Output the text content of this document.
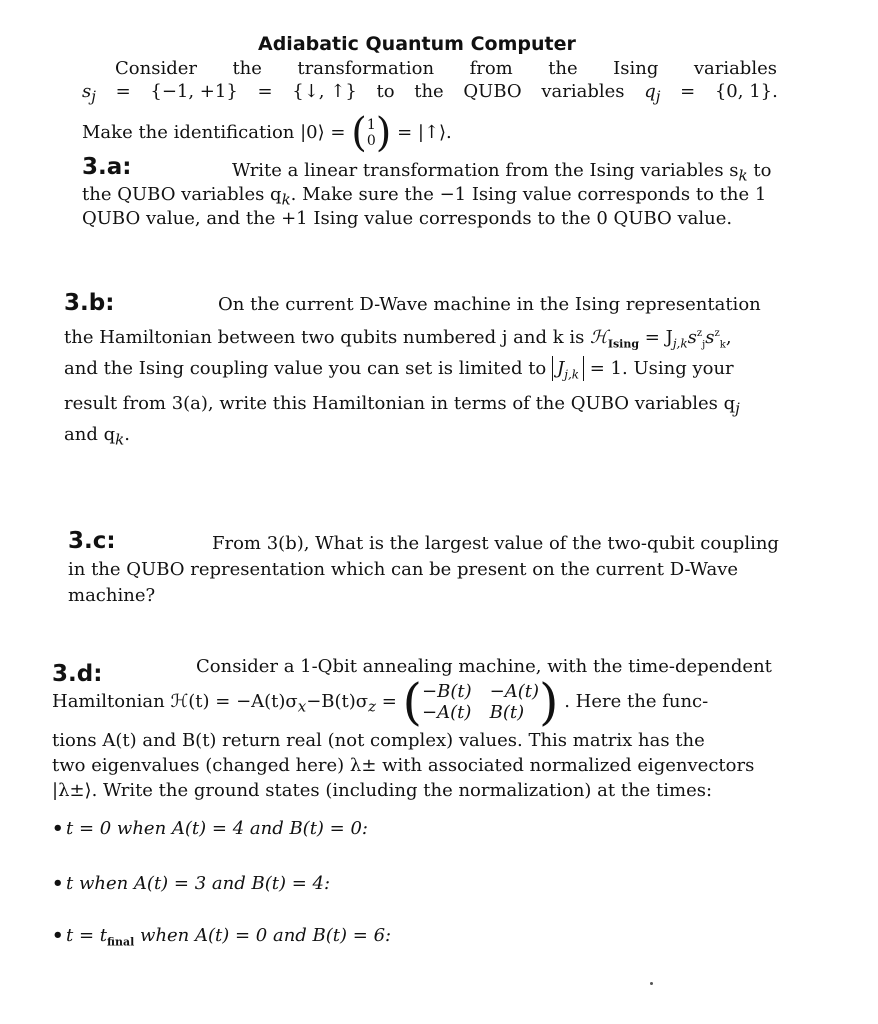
Adiabatic Quantum Computer
Consider the transformation from the Ising variables
$s_j = \{-1$, +1} = {↓, ↑} to the QUBO variables $q_j = \{0$, 1}.
Make the identification |0⟩ = ( 1
0 ) = |↑⟩.
3.a:	Write a linear transformation from the Ising variables $s_k$ to
the QUBO variables $q_k$. Make sure the −1 Ising value corresponds to the 1
QUBO value, and the +1 Ising value corresponds to the 0 QUBO value.
3.b:	On the current D-Wave machine in the Ising representation
the Hamiltonian between two qubits numbered j and k is ℋ$_{Ising}$ = $J_{j,k}s^z_js^z_k$,
and the Ising coupling value you can set is limited to $J_{j,k} = 1$. Using your
result from 3(a), write this Hamiltonian in terms of the QUBO variables $q_j$
and $q_k$.
3.c:	From 3(b), What is the largest value of the two-qubit coupling
in the QUBO representation which can be present on the current D-Wave
machine?
3.d:	Consider a 1-Qbit annealing machine, with the time-dependent
Hamiltonian ℋ(t) = $-A(t)\sigma_x-B(t)\sigma_z$ = ( −B(t) −A(t)
−A(t) B(t) ) . Here the func-
tions A(t) and B(t) return real (not complex) values. This matrix has the
two eigenvalues (changed here) λ± with associated normalized eigenvectors
|λ±⟩. Write the ground states (including the normalization) at the times:
• t = 0 when A(t) = 4 and B(t) = 0:
• t when A(t) = 3 and B(t) = 4:
• $t = t_{final}$ when A(t) = 0 and B(t) = 6:
